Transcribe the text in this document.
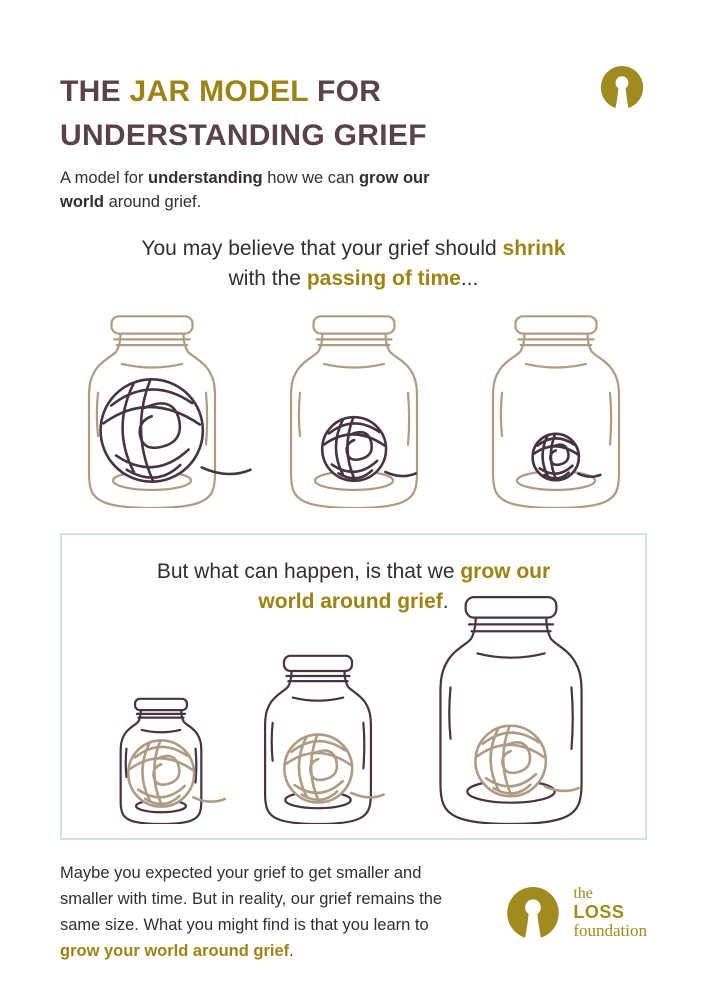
THE JAR MODEL FOR
UNDERSTANDING GRIEF

A model for understanding how we can grow our world around grief.

You may believe that your grief should shrink
with the passing of time...
But what can happen, is that we grow our
world around grief.

Maybe you expected your grief to get smaller and smaller with time. But in reality, our grief remains the same size. What you might find is that you learn to grow your world around grief.

the
LOSS
foundation
